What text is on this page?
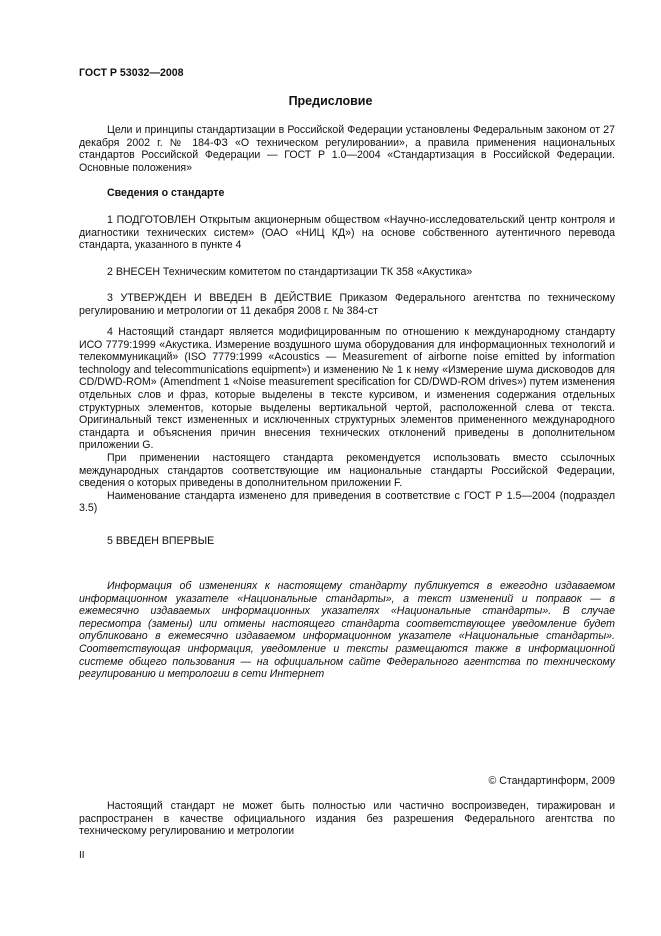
ГОСТ Р 53032—2008
Предисловие

Цели и принципы стандартизации в Российской Федерации установлены Федеральным законом от 27 декабря 2002 г. № 184-ФЗ «О техническом регулировании», а правила применения национальных стандартов Российской Федерации — ГОСТ Р 1.0—2004 «Стандартизация в Российской Федерации. Основные положения»

Сведения о стандарте

1 ПОДГОТОВЛЕН Открытым акционерным обществом «Научно-исследовательский центр контроля и диагностики технических систем» (ОАО «НИЦ КД») на основе собственного аутентичного перевода стандарта, указанного в пункте 4

2 ВНЕСЕН Техническим комитетом по стандартизации ТК 358 «Акустика»

3 УТВЕРЖДЕН И ВВЕДЕН В ДЕЙСТВИЕ Приказом Федерального агентства по техническому регулированию и метрологии от 11 декабря 2008 г. № 384-ст

4 Настоящий стандарт является модифицированным по отношению к международному стандарту ИСО 7779:1999 «Акустика. Измерение воздушного шума оборудования для информационных технологий и телекоммуникаций» (ISO 7779:1999 «Acoustics — Measurement of airborne noise emitted by information technology and telecommunications equipment») и изменению № 1 к нему «Измерение шума дисководов для CD/DWD-ROM» (Amendment 1 «Noise measurement specification for CD/DWD-ROM drives») путем изменения отдельных слов и фраз, которые выделены в тексте курсивом, и изменения содержания отдельных структурных элементов, которые выделены вертикальной чертой, расположенной слева от текста. Оригинальный текст измененных и исключенных структурных элементов примененного международного стандарта и объяснения причин внесения технических отклонений приведены в дополнительном приложении G.

При применении настоящего стандарта рекомендуется использовать вместо ссылочных международных стандартов соответствующие им национальные стандарты Российской Федерации, сведения о которых приведены в дополнительном приложении F.

Наименование стандарта изменено для приведения в соответствие с ГОСТ Р 1.5—2004 (подраздел 3.5)

5 ВВЕДЕН ВПЕРВЫЕ

Информация об изменениях к настоящему стандарту публикуется в ежегодно издаваемом информационном указателе «Национальные стандарты», а текст изменений и поправок — в ежемесячно издаваемых информационных указателях «Национальные стандарты». В случае пересмотра (замены) или отмены настоящего стандарта соответствующее уведомление будет опубликовано в ежемесячно издаваемом информационном указателе «Национальные стандарты». Соответствующая информация, уведомление и тексты размещаются также в информационной системе общего пользования — на официальном сайте Федерального агентства по техническому регулированию и метрологии в сети Интернет

© Стандартинформ, 2009

Настоящий стандарт не может быть полностью или частично воспроизведен, тиражирован и распространен в качестве официального издания без разрешения Федерального агентства по техническому регулированию и метрологии

II
